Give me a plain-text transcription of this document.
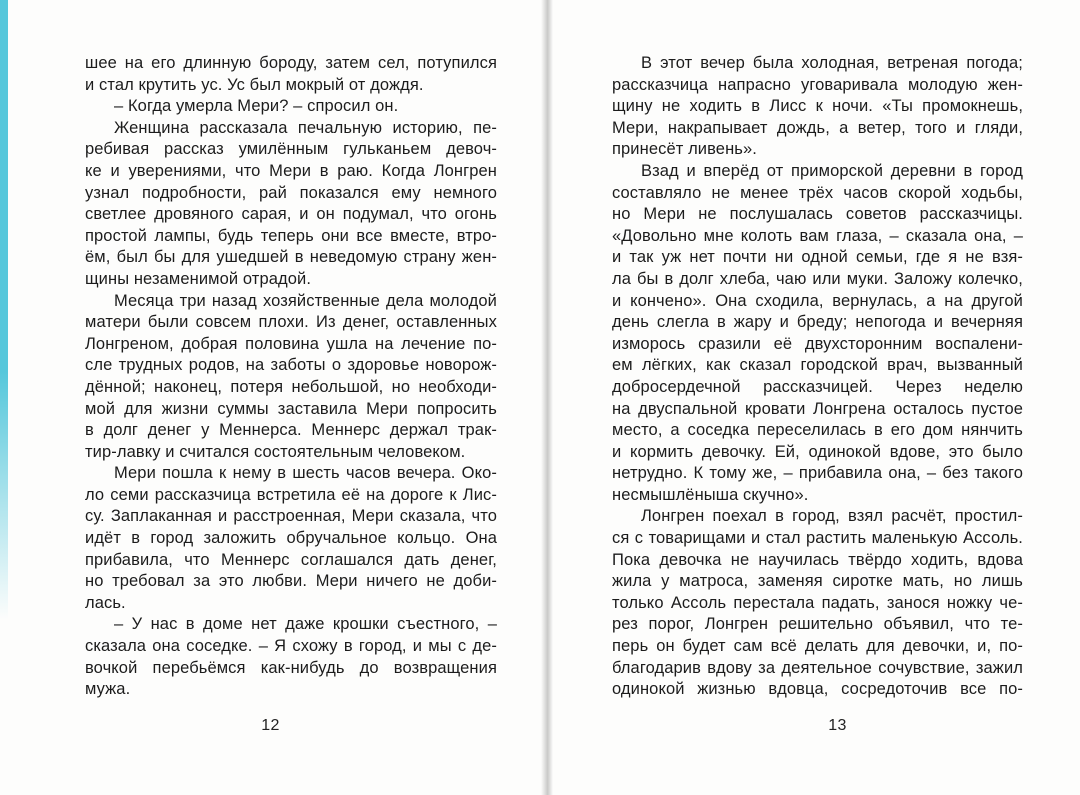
шее на его длинную бороду, затем сел, потупился
и стал крутить ус. Ус был мокрый от дождя.
– Когда умерла Мери? – спросил он.
Женщина рассказала печальную историю, пе-
ребивая рассказ умилённым гульканьем девоч-
ке и уверениями, что Мери в раю. Когда Лонгрен
узнал подробности, рай показался ему немного
светлее дровяного сарая, и он подумал, что огонь
простой лампы, будь теперь они все вместе, втро-
ём, был бы для ушедшей в неведомую страну жен-
щины незаменимой отрадой.
Месяца три назад хозяйственные дела молодой
матери были совсем плохи. Из денег, оставленных
Лонгреном, добрая половина ушла на лечение по-
сле трудных родов, на заботы о здоровье новорож-
дённой; наконец, потеря небольшой, но необходи-
мой для жизни суммы заставила Мери попросить
в долг денег у Меннерса. Меннерс держал трак-
тир-лавку и считался состоятельным человеком.
Мери пошла к нему в шесть часов вечера. Око-
ло семи рассказчица встретила её на дороге к Лис-
су. Заплаканная и расстроенная, Мери сказала, что
идёт в город заложить обручальное кольцо. Она
прибавила, что Меннерс соглашался дать денег,
но требовал за это любви. Мери ничего не доби-
лась.
– У нас в доме нет даже крошки съестного, –
сказала она соседке. – Я схожу в город, и мы с де-
вочкой перебьёмся как-нибудь до возвращения
мужа.
12
В этот вечер была холодная, ветреная погода;
рассказчица напрасно уговаривала молодую жен-
щину не ходить в Лисс к ночи. «Ты промокнешь,
Мери, накрапывает дождь, а ветер, того и гляди,
принесёт ливень».
Взад и вперёд от приморской деревни в город
составляло не менее трёх часов скорой ходьбы,
но Мери не послушалась советов рассказчицы.
«Довольно мне колоть вам глаза, – сказала она, –
и так уж нет почти ни одной семьи, где я не взя-
ла бы в долг хлеба, чаю или муки. Заложу колечко,
и кончено». Она сходила, вернулась, а на другой
день слегла в жару и бреду; непогода и вечерняя
изморось сразили её двухсторонним воспалени-
ем лёгких, как сказал городской врач, вызванный
добросердечной рассказчицей. Через неделю
на двуспальной кровати Лонгрена осталось пустое
место, а соседка переселилась в его дом нянчить
и кормить девочку. Ей, одинокой вдове, это было
нетрудно. К тому же, – прибавила она, – без такого
несмышлёныша скучно».
Лонгрен поехал в город, взял расчёт, простил-
ся с товарищами и стал растить маленькую Ассоль.
Пока девочка не научилась твёрдо ходить, вдова
жила у матроса, заменяя сиротке мать, но лишь
только Ассоль перестала падать, занося ножку че-
рез порог, Лонгрен решительно объявил, что те-
перь он будет сам всё делать для девочки, и, по-
благодарив вдову за деятельное сочувствие, зажил
одинокой жизнью вдовца, сосредоточив все по-
13
